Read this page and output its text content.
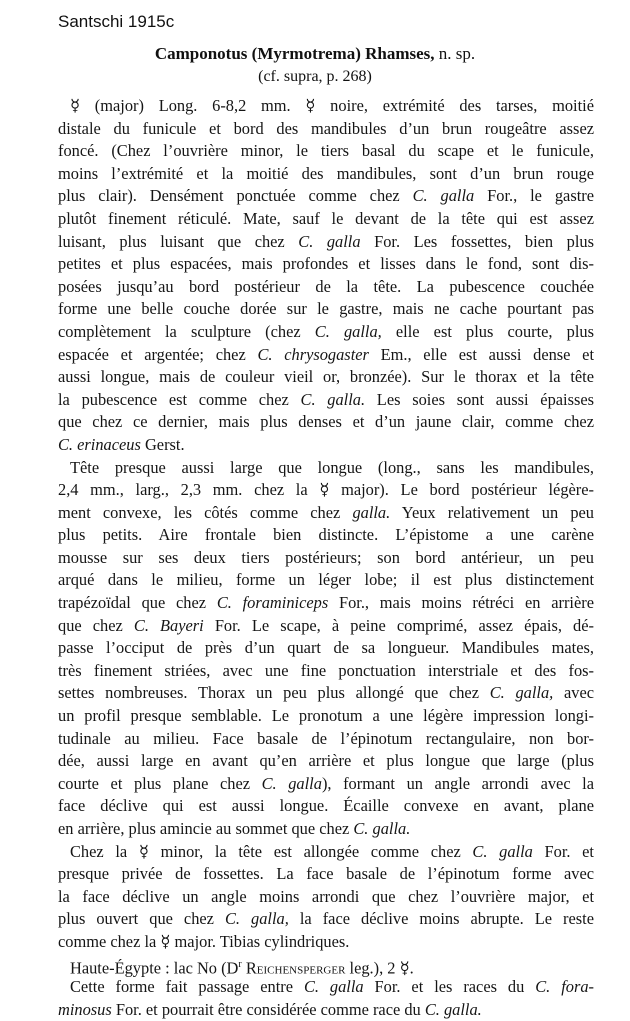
Santschi 1915c
Camponotus (Myrmotrema) Rhamses, n. sp.
(cf. supra, p. 268)
☿ (major) Long. 6-8,2 mm. ☿ noire, extrémité des tarses, moitié
distale du funicule et bord des mandibules d’un brun rougeâtre assez
foncé. (Chez l’ouvrière minor, le tiers basal du scape et le funicule,
moins l’extrémité et la moitié des mandibules, sont d’un brun rouge
plus clair). Densément ponctuée comme chez C. galla For., le gastre
plutôt finement réticulé. Mate, sauf le devant de la tête qui est assez
luisant, plus luisant que chez C. galla For. Les fossettes, bien plus
petites et plus espacées, mais profondes et lisses dans le fond, sont dis-
posées jusqu’au bord postérieur de la tête. La pubescence couchée
forme une belle couche dorée sur le gastre, mais ne cache pourtant pas
complètement la sculpture (chez C. galla, elle est plus courte, plus
espacée et argentée; chez C. chrysogaster Em., elle est aussi dense et
aussi longue, mais de couleur vieil or, bronzée). Sur le thorax et la tête
la pubescence est comme chez C. galla. Les soies sont aussi épaisses
que chez ce dernier, mais plus denses et d’un jaune clair, comme chez
C. erinaceus Gerst.
Tête presque aussi large que longue (long., sans les mandibules,
2,4 mm., larg., 2,3 mm. chez la ☿ major). Le bord postérieur légère-
ment convexe, les côtés comme chez galla. Yeux relativement un peu
plus petits. Aire frontale bien distincte. L’épistome a une carène
mousse sur ses deux tiers postérieurs; son bord antérieur, un peu
arqué dans le milieu, forme un léger lobe; il est plus distinctement
trapézoïdal que chez C. foraminiceps For., mais moins rétréci en arrière
que chez C. Bayeri For. Le scape, à peine comprimé, assez épais, dé-
passe l’occiput de près d’un quart de sa longueur. Mandibules mates,
très finement striées, avec une fine ponctuation interstriale et des fos-
settes nombreuses. Thorax un peu plus allongé que chez C. galla, avec
un profil presque semblable. Le pronotum a une légère impression longi-
tudinale au milieu. Face basale de l’épinotum rectangulaire, non bor-
dée, aussi large en avant qu’en arrière et plus longue que large (plus
courte et plus plane chez C. galla), formant un angle arrondi avec la
face déclive qui est aussi longue. Écaille convexe en avant, plane
en arrière, plus amincie au sommet que chez C. galla.
Chez la ☿ minor, la tête est allongée comme chez C. galla For. et
presque privée de fossettes. La face basale de l’épinotum forme avec
la face déclive un angle moins arrondi que chez l’ouvrière major, et
plus ouvert que chez C. galla, la face déclive moins abrupte. Le reste
comme chez la ☿ major. Tibias cylindriques.
Haute-Égypte : lac No ($D^r$ Reichensperger leg.), 2 ☿.
Cette forme fait passage entre C. galla For. et les races du C. fora-
minosus For. et pourrait être considérée comme race du C. galla.
